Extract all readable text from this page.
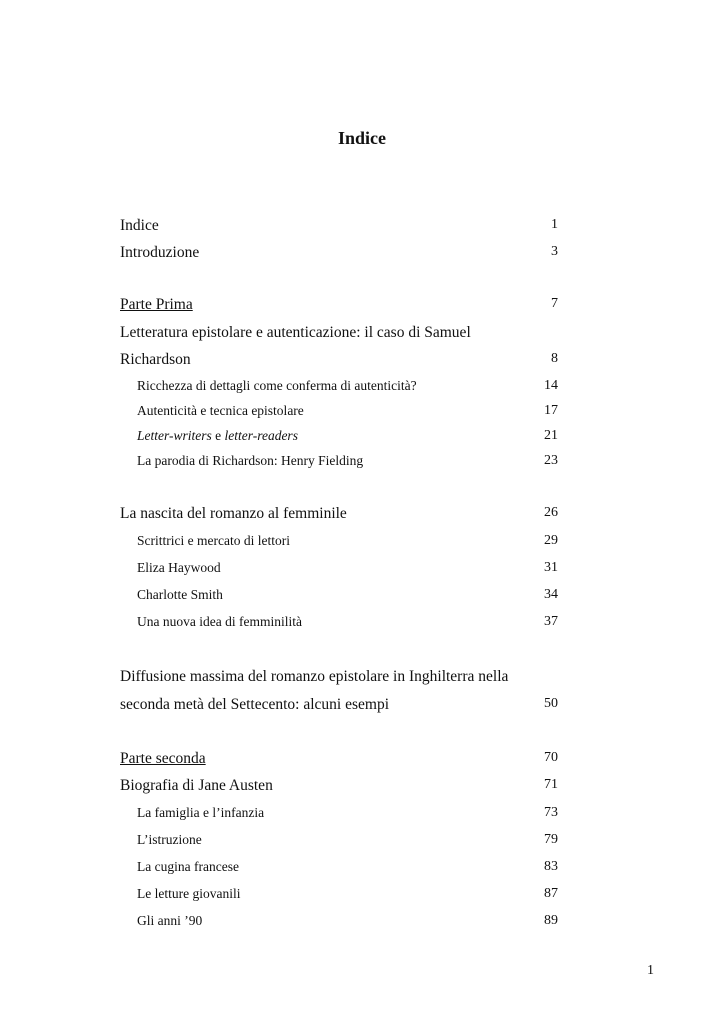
Indice
Indice	1
Introduzione	3
Parte Prima	7
Letteratura epistolare e autenticazione: il caso di Samuel
Richardson	8
Ricchezza di dettagli come conferma di autenticità?	14
Autenticità e tecnica epistolare	17
Letter-writers e letter-readers	21
La parodia di Richardson: Henry Fielding	23
La nascita del romanzo al femminile	26
Scrittrici e mercato di lettori	29
Eliza Haywood	31
Charlotte Smith	34
Una nuova idea di femminilità	37
Diffusione massima del romanzo epistolare in Inghilterra nella
seconda metà del Settecento: alcuni esempi	50
Parte seconda	70
Biografia di Jane Austen	71
La famiglia e l’infanzia	73
L’istruzione	79
La cugina francese	83
Le letture giovanili	87
Gli anni ’90	89
1
